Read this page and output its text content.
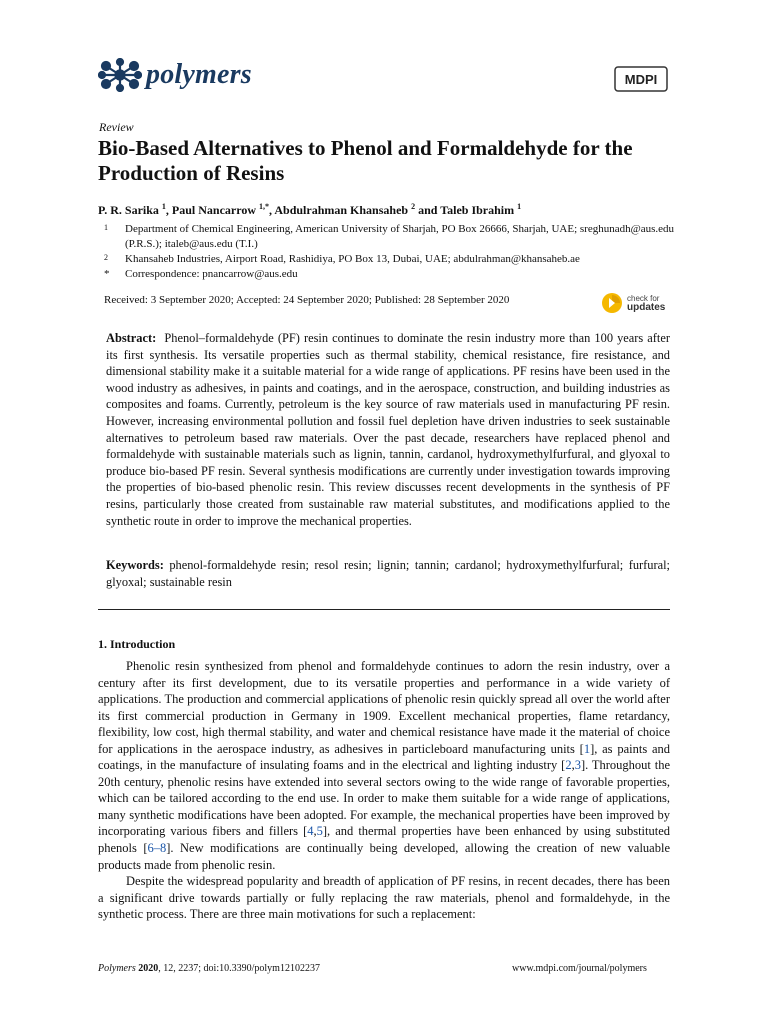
polymers	MDPI
Review
Bio-Based Alternatives to Phenol and Formaldehyde for the Production of Resins
P. R. Sarika $^1$, Paul Nancarrow $^{1,*}$, Abdulrahman Khansaheb $^2$ and Taleb Ibrahim $^1$
1 Department of Chemical Engineering, American University of Sharjah, PO Box 26666, Sharjah, UAE; sreghunadh@aus.edu (P.R.S.); italeb@aus.edu (T.I.)
2 Khansaheb Industries, Airport Road, Rashidiya, PO Box 13, Dubai, UAE; abdulrahman@khansaheb.ae
* Correspondence: pnancarrow@aus.edu
Received: 3 September 2020; Accepted: 24 September 2020; Published: 28 September 2020	check for
updates

Abstract: Phenol–formaldehyde (PF) resin continues to dominate the resin industry more than 100 years after its first synthesis. Its versatile properties such as thermal stability, chemical resistance, fire resistance, and dimensional stability make it a suitable material for a wide range of applications. PF resins have been used in the wood industry as adhesives, in paints and coatings, and in the aerospace, construction, and building industries as composites and foams. Currently, petroleum is the key source of raw materials used in manufacturing PF resin. However, increasing environmental pollution and fossil fuel depletion have driven industries to seek sustainable alternatives to petroleum based raw materials. Over the past decade, researchers have replaced phenol and formaldehyde with sustainable materials such as lignin, tannin, cardanol, hydroxymethylfurfural, and glyoxal to produce bio-based PF resin. Several synthesis modifications are currently under investigation towards improving the properties of bio-based phenolic resin. This review discusses recent developments in the synthesis of PF resins, particularly those created from sustainable raw material substitutes, and modifications applied to the synthetic route in order to improve the mechanical properties.

Keywords: phenol-formaldehyde resin; resol resin; lignin; tannin; cardanol; hydroxymethylfurfural; furfural; glyoxal; sustainable resin

1. Introduction

Phenolic resin synthesized from phenol and formaldehyde continues to adorn the resin industry, over a century after its first development, due to its versatile properties and performance in a wide variety of applications. The production and commercial applications of phenolic resin quickly spread all over the world after its first commercial production in Germany in 1909. Excellent mechanical properties, flame retardancy, flexibility, low cost, high thermal stability, and water and chemical resistance have made it the material of choice for applications in the aerospace industry, as adhesives in particleboard manufacturing units [1], as paints and coatings, in the manufacture of insulating foams and in the electrical and lighting industry [2,3]. Throughout the 20th century, phenolic resins have extended into several sectors owing to the wide range of favorable properties, which can be tailored according to the end use. In order to make them suitable for a wide range of applications, many synthetic modifications have been adopted. For example, the mechanical properties have been improved by incorporating various fibers and fillers [4,5], and thermal properties have been enhanced by using substituted phenols [6–8]. New modifications are continually being developed, allowing the creation of new valuable products made from phenolic resin.

Despite the widespread popularity and breadth of application of PF resins, in recent decades, there has been a significant drive towards partially or fully replacing the raw materials, phenol and formaldehyde, in the synthetic process. There are three main motivations for such a replacement:

Polymers 2020, 12, 2237; doi:10.3390/polym12102237	www.mdpi.com/journal/polymers
